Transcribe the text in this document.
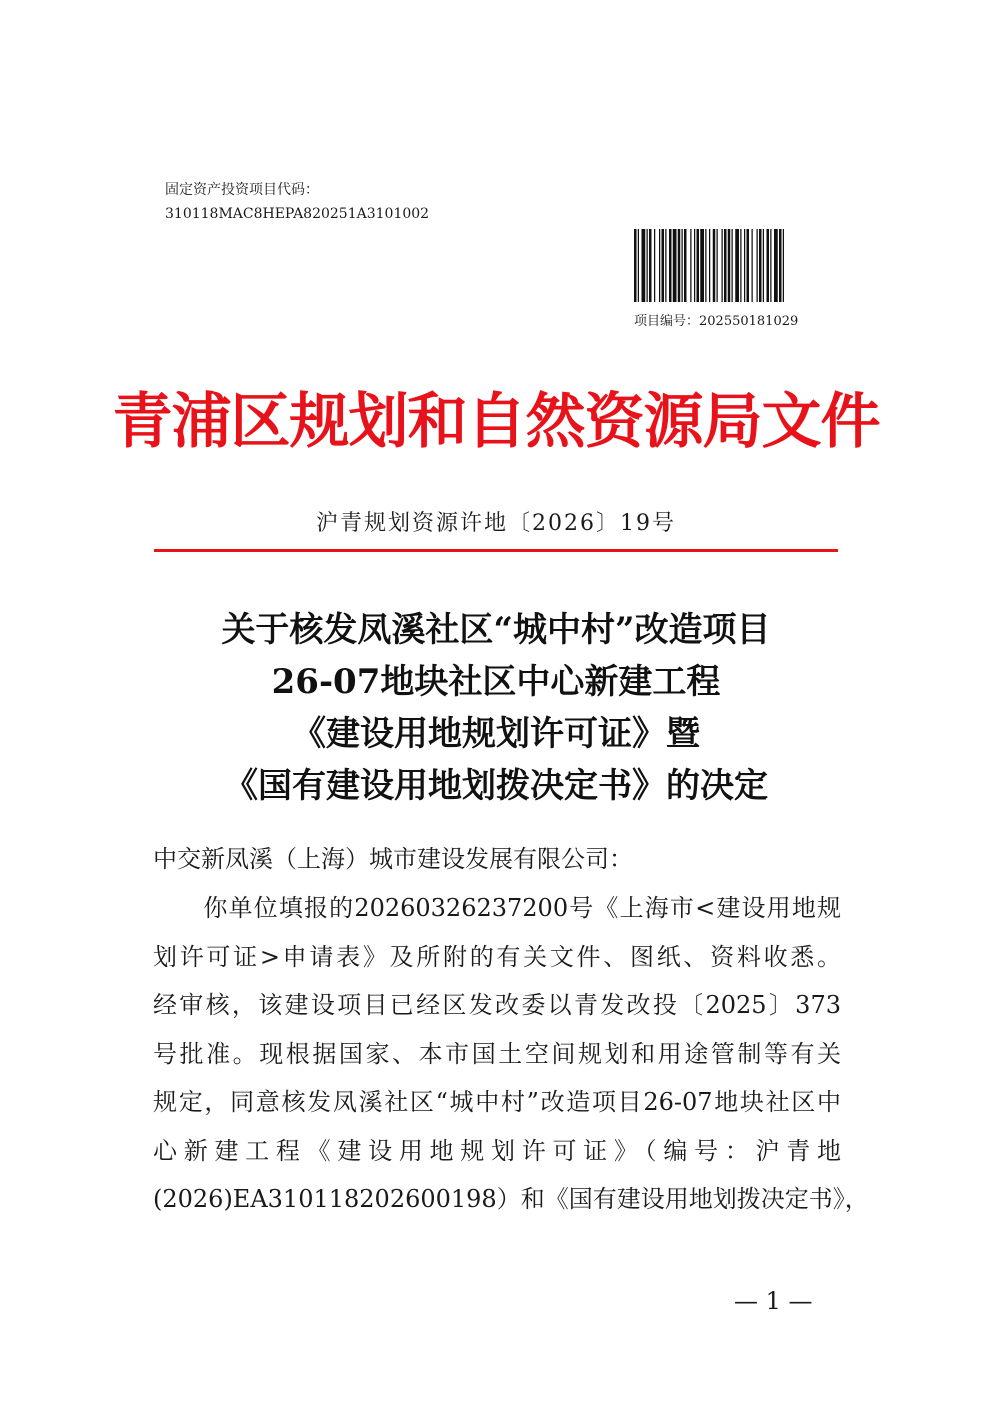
固定资产投资项目代码：
310118MAC8HEPA820251A3101002
项目编号：202550181029
青浦区规划和自然资源局文件
沪青规划资源许地〔2026〕19号
关于核发凤溪社区“城中村”改造项目
26-07地块社区中心新建工程
《建设用地规划许可证》暨
《国有建设用地划拨决定书》的决定
中交新凤溪（上海）城市建设发展有限公司：
　　你单位填报的20260326237200号《上海市<建设用地规
划许可证>申请表》及所附的有关文件、图纸、资料收悉。
经审核，该建设项目已经区发改委以青发改投〔2025〕373
号批准。现根据国家、本市国土空间规划和用途管制等有关
规定，同意核发凤溪社区“城中村”改造项目26-07地块社区中
心新建工程《建设用地规划许可证》（编号：沪青地
(2026)EA310118202600198）和《国有建设用地划拨决定书》，
— 1 —
